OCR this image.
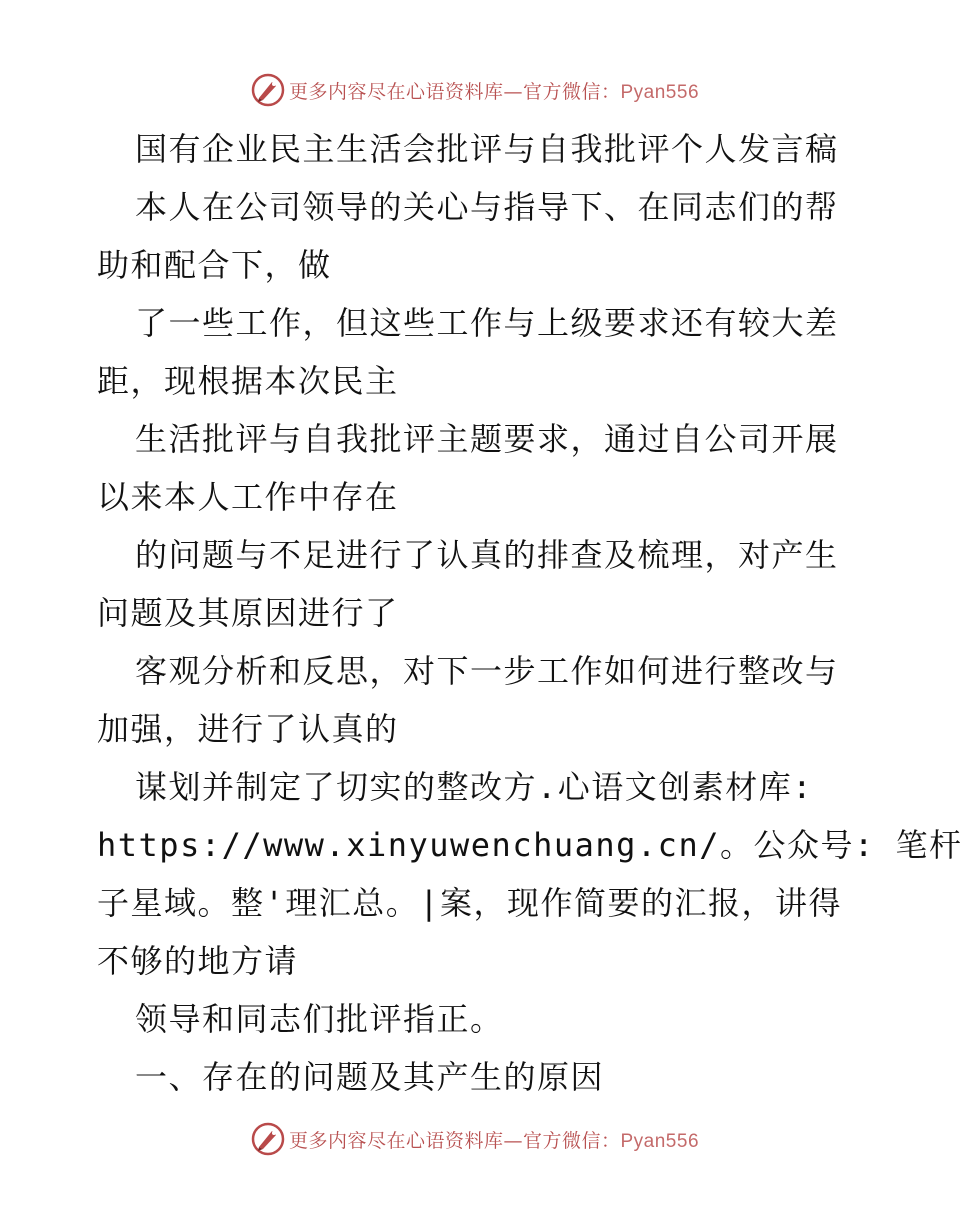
更多内容尽在心语资料库—官方微信：Pyan556
国有企业民主生活会批评与自我批评个人发言稿
本人在公司领导的关心与指导下、在同志们的帮
助和配合下，做
了一些工作，但这些工作与上级要求还有较大差
距，现根据本次民主
生活批评与自我批评主题要求，通过自公司开展
以来本人工作中存在
的问题与不足进行了认真的排查及梳理，对产生
问题及其原因进行了
客观分析和反思，对下一步工作如何进行整改与
加强，进行了认真的
谋划并制定了切实的整改方.心语文创素材库:
https://www.xinyuwenchuang.cn/。公众号: 笔杆
子星域。整'理汇总。|案，现作简要的汇报，讲得
不够的地方请
领导和同志们批评指正。
一、存在的问题及其产生的原因
更多内容尽在心语资料库—官方微信：Pyan556
